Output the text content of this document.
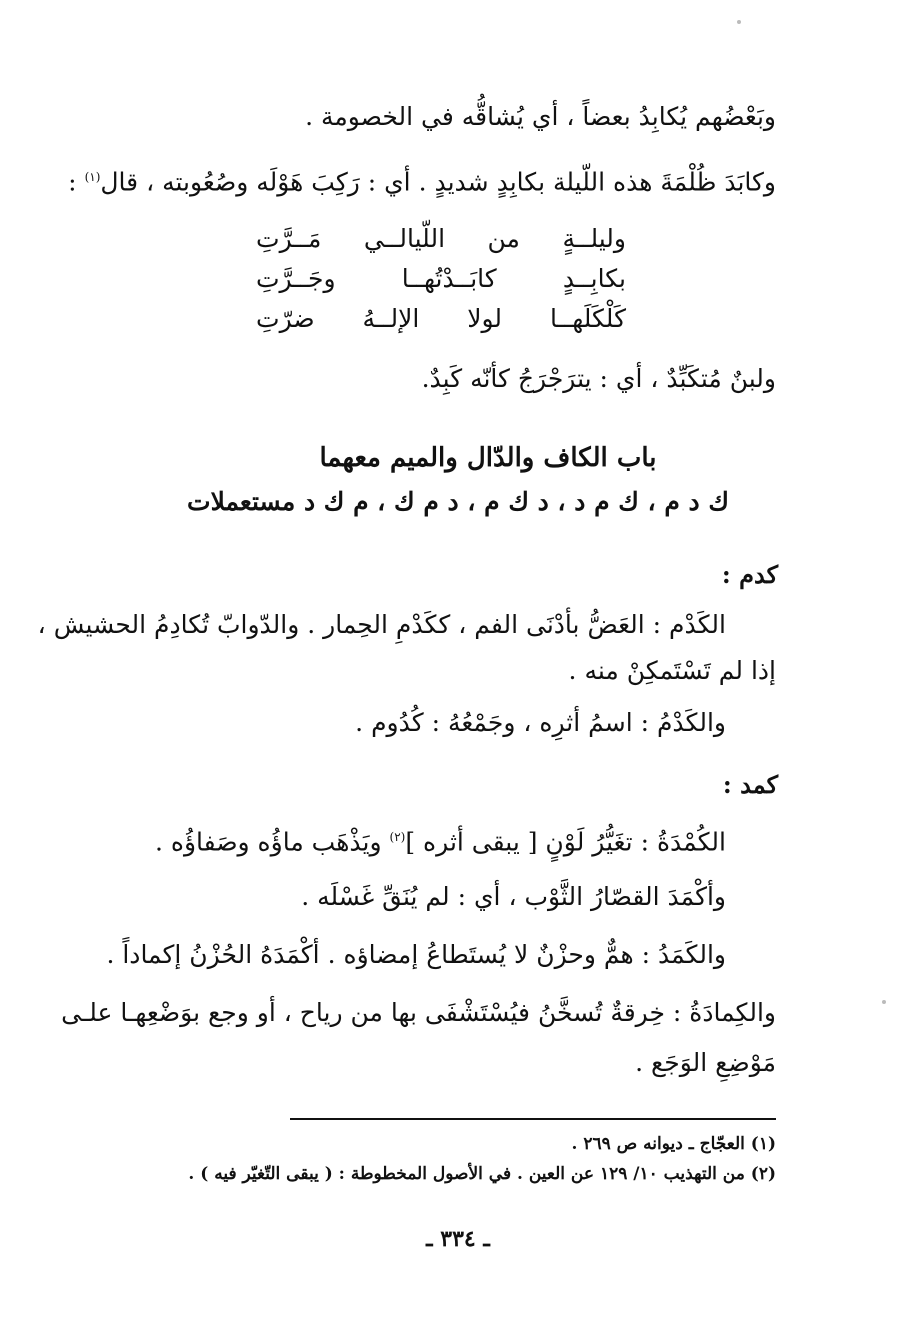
وبَعْضُهم يُكابِدُ بعضاً ، أي يُشاقُّه في الخصومة .
وكابَدَ ظُلْمَةَ هذه اللّيلة بكابِدٍ شديدٍ . أي : رَكِبَ هَوْلَه وصُعُوبته ، قال$^{(١)}$ :
وليلــةٍ
من
اللّيالــي
مَــرَّتِ
بكابِــدٍ
كابَــدْتُهــا
وجَــرَّتِ
كَلْكَلَهــا
لولا
الإلــهُ
ضرّتِ
ولبنٌ مُتكَبِّدٌ ، أي : يترَجْرَجُ كأنّه كَبِدٌ.
باب الكاف والدّال والميم معهما
ك د م ، ك م د ، د ك م ، د م ك ، م ك د مستعملات
كدم :
الكَدْم : العَضُّ بأدْنَى الفم ، ككَدْمِ الحِمار . والدّوابّ تُكادِمُ الحشيش ،
إذا لم تَسْتَمكِنْ منه .
والكَدْمُ : اسمُ أثرِه ، وجَمْعُهُ : كُدُوم .
كمد :
الكُمْدَةُ : تغَيُّرُ لَوْنٍ [ يبقى أثره ]$^{(٢)}$ ويَذْهَب ماؤُه وصَفاؤُه .
وأكْمَدَ القصّارُ الثَّوْب ، أي : لم يُنَقِّ غَسْلَه .
والكَمَدُ : همٌّ وحزْنٌ لا يُستَطاعُ إمضاؤه . أكْمَدَهُ الحُزْنُ إكماداً .
والكِمادَةُ : خِرقةٌ تُسخَّنُ فيُسْتَشْفَى بها من رياح ، أو وجع بوَضْعِهـا علـى
مَوْضِعِ الوَجَع .
(١) العجّاج ـ ديوانه ص ٢٦٩ .
(٢) من التهذيب ١٠/ ١٢٩ عن العين . في الأصول المخطوطة : ( يبقى التّغيّر فيه ) .
ـ ٣٣٤ ـ
